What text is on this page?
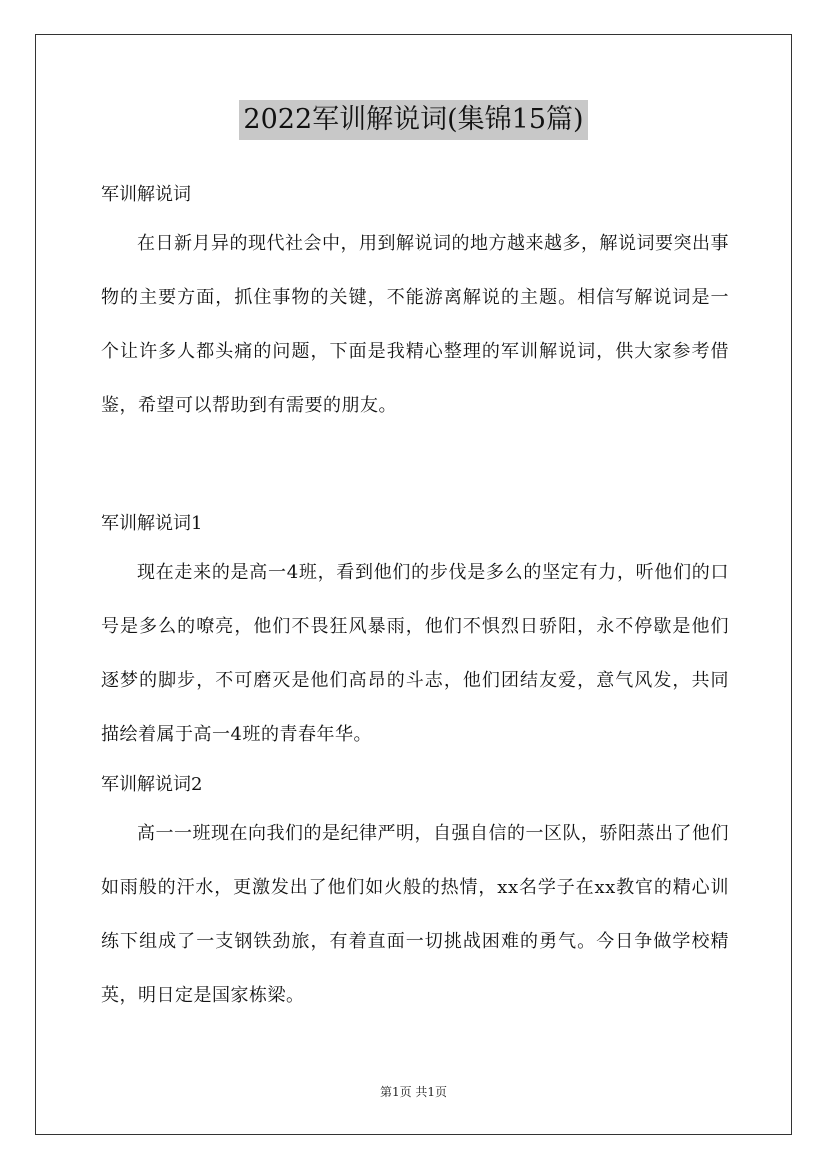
2022军训解说词(集锦15篇)
军训解说词

在日新月异的现代社会中，用到解说词的地方越来越多，解说词要突出事物的主要方面，抓住事物的关键，不能游离解说的主题。相信写解说词是一个让许多人都头痛的问题，下面是我精心整理的军训解说词，供大家参考借鉴，希望可以帮助到有需要的朋友。

军训解说词1

现在走来的是高一4班，看到他们的步伐是多么的坚定有力，听他们的口号是多么的嘹亮，他们不畏狂风暴雨，他们不惧烈日骄阳，永不停歇是他们逐梦的脚步，不可磨灭是他们高昂的斗志，他们团结友爱，意气风发，共同描绘着属于高一4班的青春年华。

军训解说词2

高一一班现在向我们的是纪律严明，自强自信的一区队，骄阳蒸出了他们如雨般的汗水，更激发出了他们如火般的热情，xx名学子在xx教官的精心训练下组成了一支钢铁劲旅，有着直面一切挑战困难的勇气。今日争做学校精英，明日定是国家栋梁。

第1页 共1页
